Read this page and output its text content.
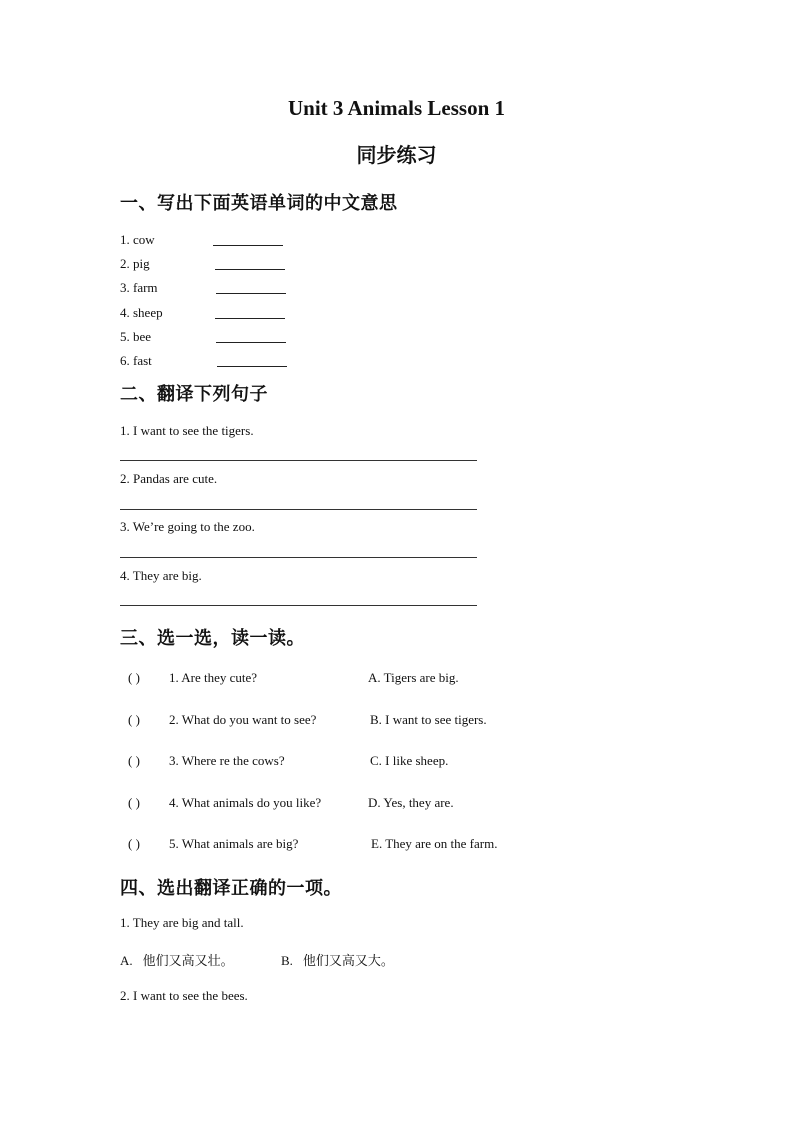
Unit 3 Animals Lesson 1
同步练习
一、写出下面英语单词的中文意思
1. cow
2. pig
3. farm
4. sheep
5. bee
6. fast
二、翻译下列句子
1. I want to see the tigers.
2. Pandas are cute.
3. We’re going to the zoo.
4. They are big.
三、选一选，读一读。
( ) 1. Are they cute?	A. Tigers are big.
( ) 2. What do you want to see?	B. I want to see tigers.
( ) 3. Where re the cows?	C. I like sheep.
( ) 4. What animals do you like?	D. Yes, they are.
( ) 5. What animals are big?	E. They are on the farm.
四、选出翻译正确的一项。
1. They are big and tall.
A. 他们又高又壮。	B. 他们又高又大。
2. I want to see the bees.
